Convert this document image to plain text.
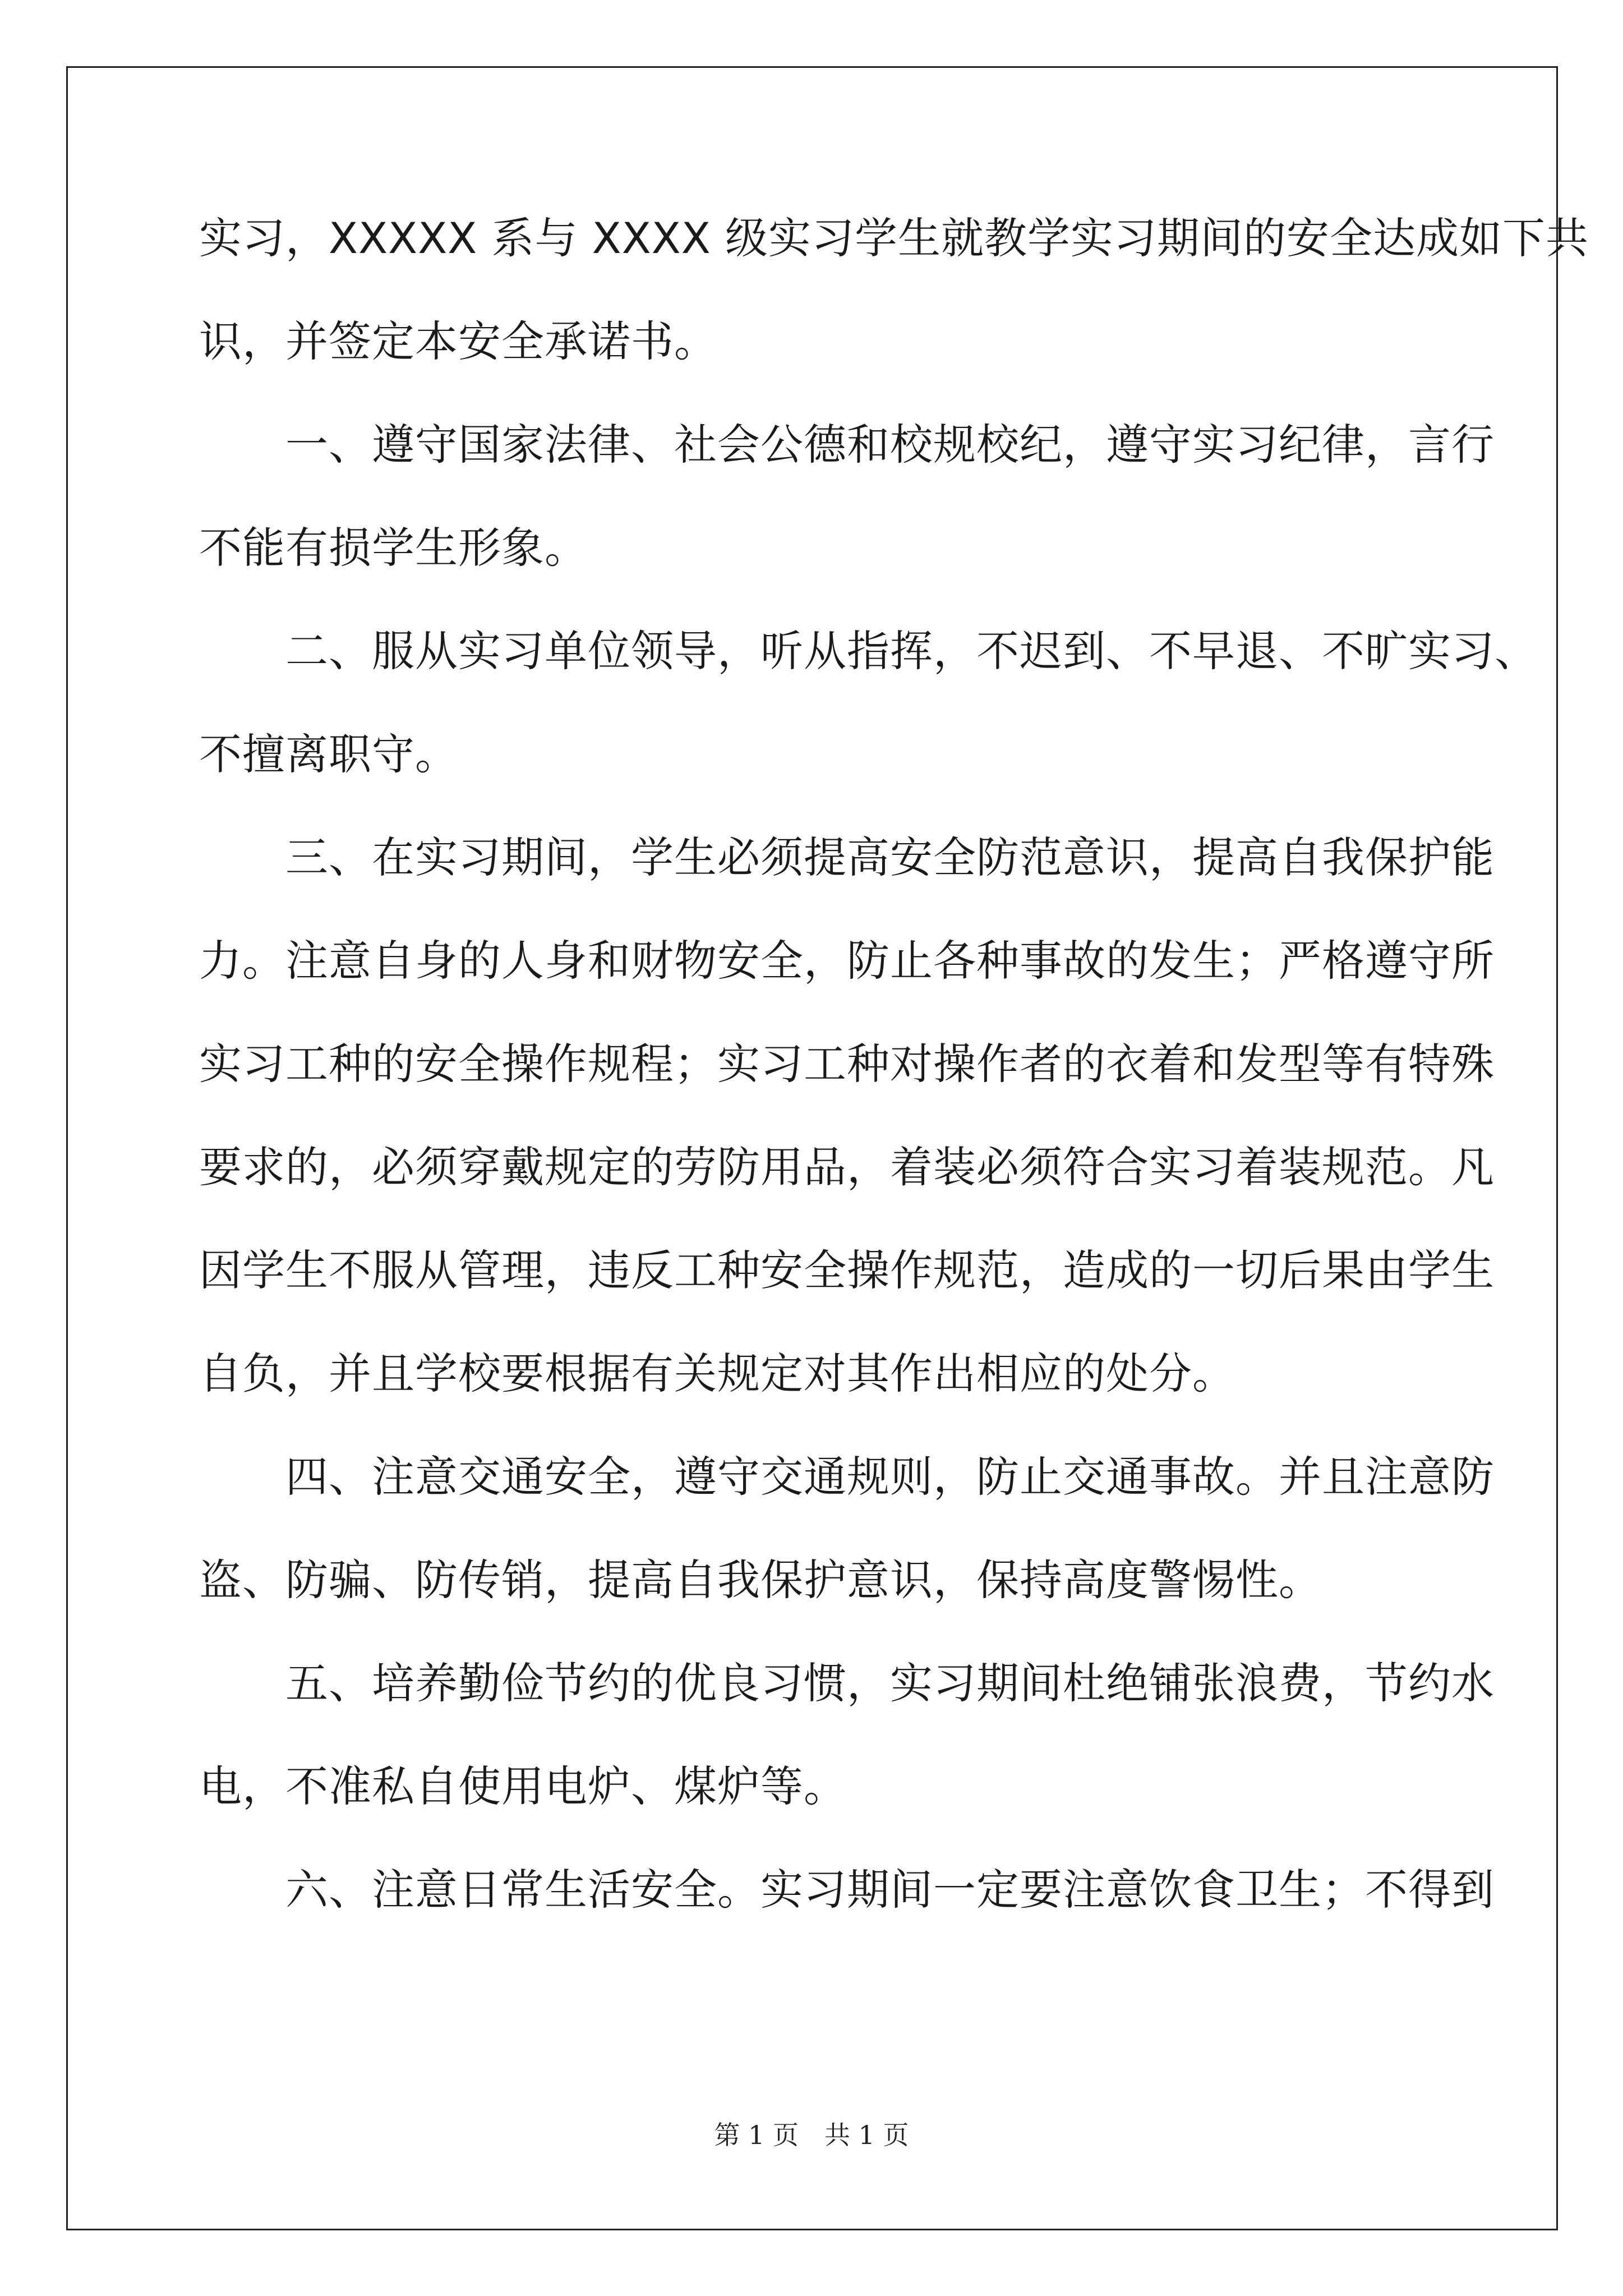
实习，XXXXX 系与 XXXX 级实习学生就教学实习期间的安全达成如下共
识，并签定本安全承诺书。
　　一、遵守国家法律、社会公德和校规校纪，遵守实习纪律，言行
不能有损学生形象。
　　二、服从实习单位领导，听从指挥，不迟到、不早退、不旷实习、
不擅离职守。
　　三、在实习期间，学生必须提高安全防范意识，提高自我保护能
力。注意自身的人身和财物安全，防止各种事故的发生；严格遵守所
实习工种的安全操作规程；实习工种对操作者的衣着和发型等有特殊
要求的，必须穿戴规定的劳防用品，着装必须符合实习着装规范。凡
因学生不服从管理，违反工种安全操作规范，造成的一切后果由学生
自负，并且学校要根据有关规定对其作出相应的处分。
　　四、注意交通安全，遵守交通规则，防止交通事故。并且注意防
盗、防骗、防传销，提高自我保护意识，保持高度警惕性。
　　五、培养勤俭节约的优良习惯，实习期间杜绝铺张浪费，节约水
电，不准私自使用电炉、煤炉等。
　　六、注意日常生活安全。实习期间一定要注意饮食卫生；不得到
第 1 页　共 1 页
